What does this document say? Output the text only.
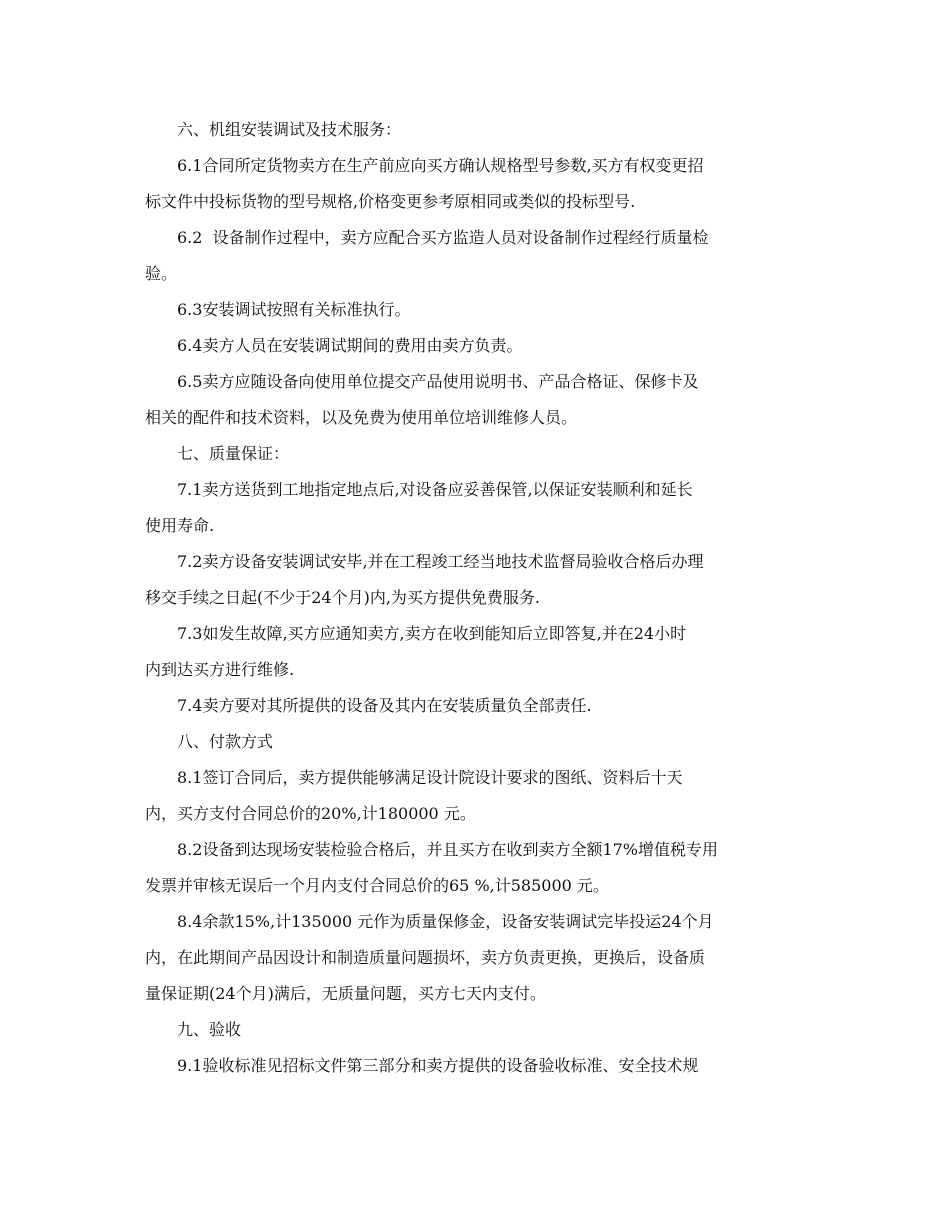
六、机组安装调试及技术服务：
6.1合同所定货物卖方在生产前应向买方确认规格型号参数,买方有权变更招
标文件中投标货物的型号规格,价格变更参考原相同或类似的投标型号.
6.2  设备制作过程中，卖方应配合买方监造人员对设备制作过程经行质量检
验。
6.3安装调试按照有关标准执行。
6.4卖方人员在安装调试期间的费用由卖方负责。
6.5卖方应随设备向使用单位提交产品使用说明书、产品合格证、保修卡及
相关的配件和技术资料，以及免费为使用单位培训维修人员。
七、质量保证：
7.1卖方送货到工地指定地点后,对设备应妥善保管,以保证安装顺利和延长
使用寿命.
7.2卖方设备安装调试安毕,并在工程竣工经当地技术监督局验收合格后办理
移交手续之日起(不少于24个月)内,为买方提供免费服务.
7.3如发生故障,买方应通知卖方,卖方在收到能知后立即答复,并在24小时
内到达买方进行维修.
7.4卖方要对其所提供的设备及其内在安装质量负全部责任.
八、付款方式
8.1签订合同后，卖方提供能够满足设计院设计要求的图纸、资料后十天
内，买方支付合同总价的20%,计180000 元。
8.2设备到达现场安装检验合格后，并且买方在收到卖方全额17%增值税专用
发票并审核无误后一个月内支付合同总价的65 %,计585000 元。
8.4余款15%,计135000 元作为质量保修金，设备安装调试完毕投运24个月
内，在此期间产品因设计和制造质量问题损坏，卖方负责更换，更换后，设备质
量保证期(24个月)满后，无质量问题，买方七天内支付。
九、验收
9.1验收标准见招标文件第三部分和卖方提供的设备验收标准、安全技术规
